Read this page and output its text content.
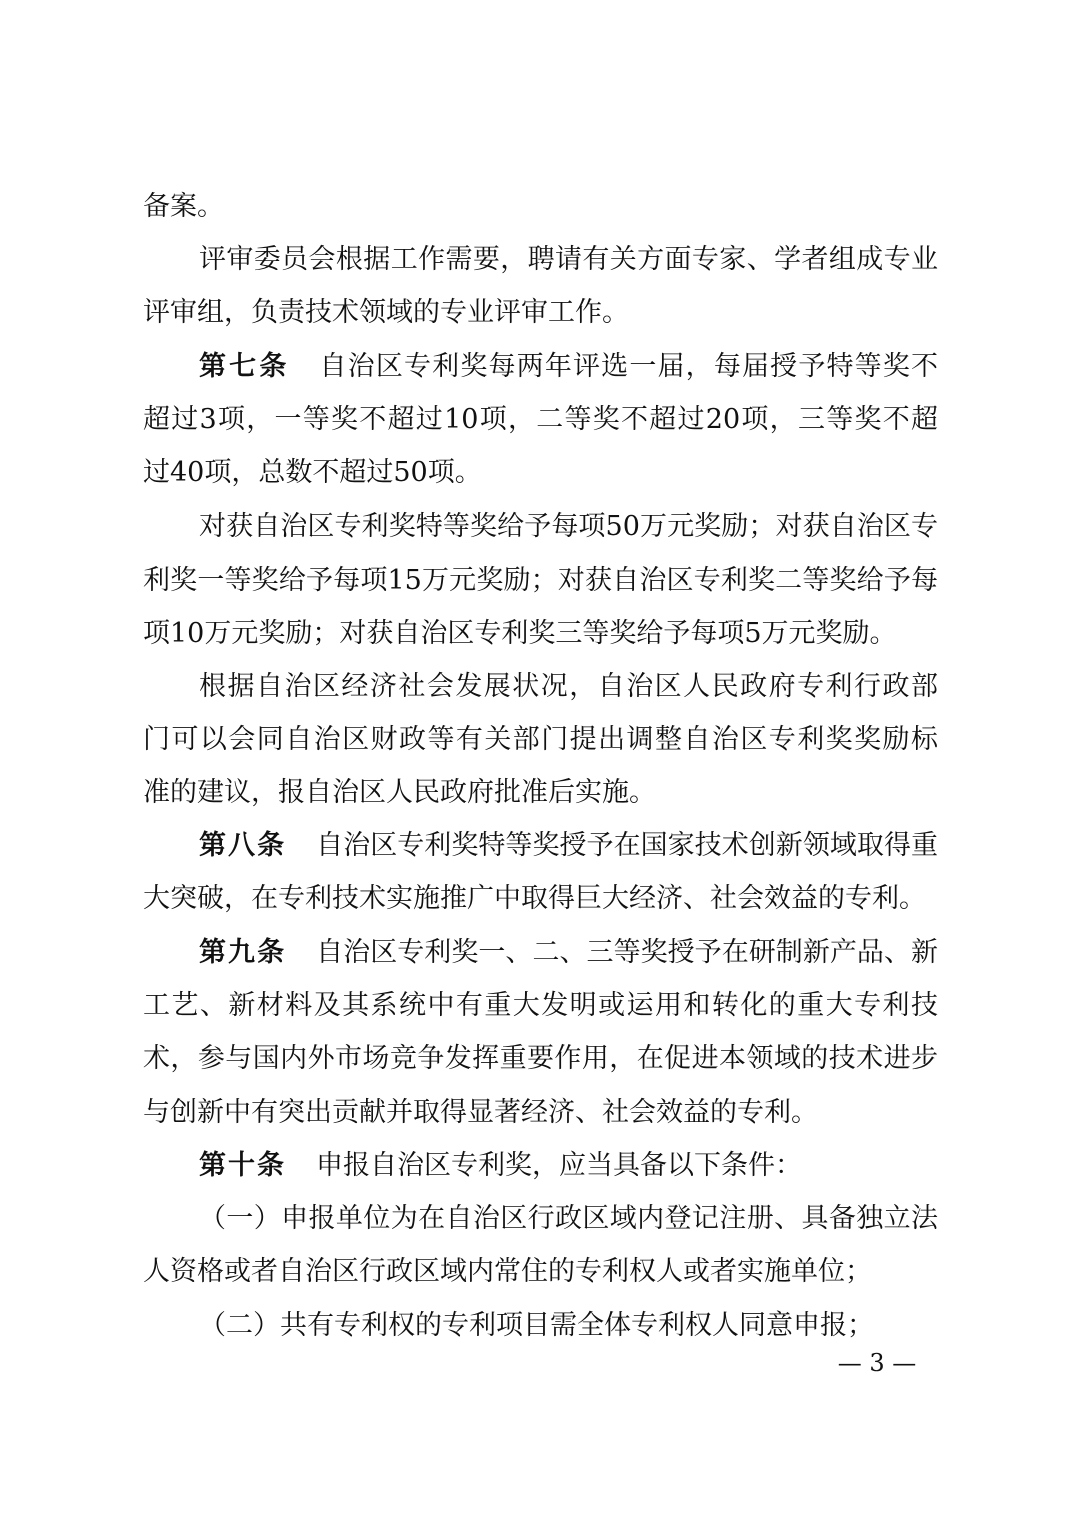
备案。
评审委员会根据工作需要，聘请有关方面专家、学者组成专业
评审组，负责技术领域的专业评审工作。
第七条 自治区专利奖每两年评选一届，每届授予特等奖不
超过3项，一等奖不超过10项，二等奖不超过20项，三等奖不超
过40项，总数不超过50项。
对获自治区专利奖特等奖给予每项50万元奖励；对获自治区专
利奖一等奖给予每项15万元奖励；对获自治区专利奖二等奖给予每
项10万元奖励；对获自治区专利奖三等奖给予每项5万元奖励。
根据自治区经济社会发展状况，自治区人民政府专利行政部
门可以会同自治区财政等有关部门提出调整自治区专利奖奖励标
准的建议，报自治区人民政府批准后实施。
第八条 自治区专利奖特等奖授予在国家技术创新领域取得重
大突破，在专利技术实施推广中取得巨大经济、社会效益的专利。
第九条 自治区专利奖一、二、三等奖授予在研制新产品、新
工艺、新材料及其系统中有重大发明或运用和转化的重大专利技
术，参与国内外市场竞争发挥重要作用，在促进本领域的技术进步
与创新中有突出贡献并取得显著经济、社会效益的专利。
第十条 申报自治区专利奖，应当具备以下条件：
（一）申报单位为在自治区行政区域内登记注册、具备独立法
人资格或者自治区行政区域内常住的专利权人或者实施单位；
（二）共有专利权的专利项目需全体专利权人同意申报；
— 3 —
